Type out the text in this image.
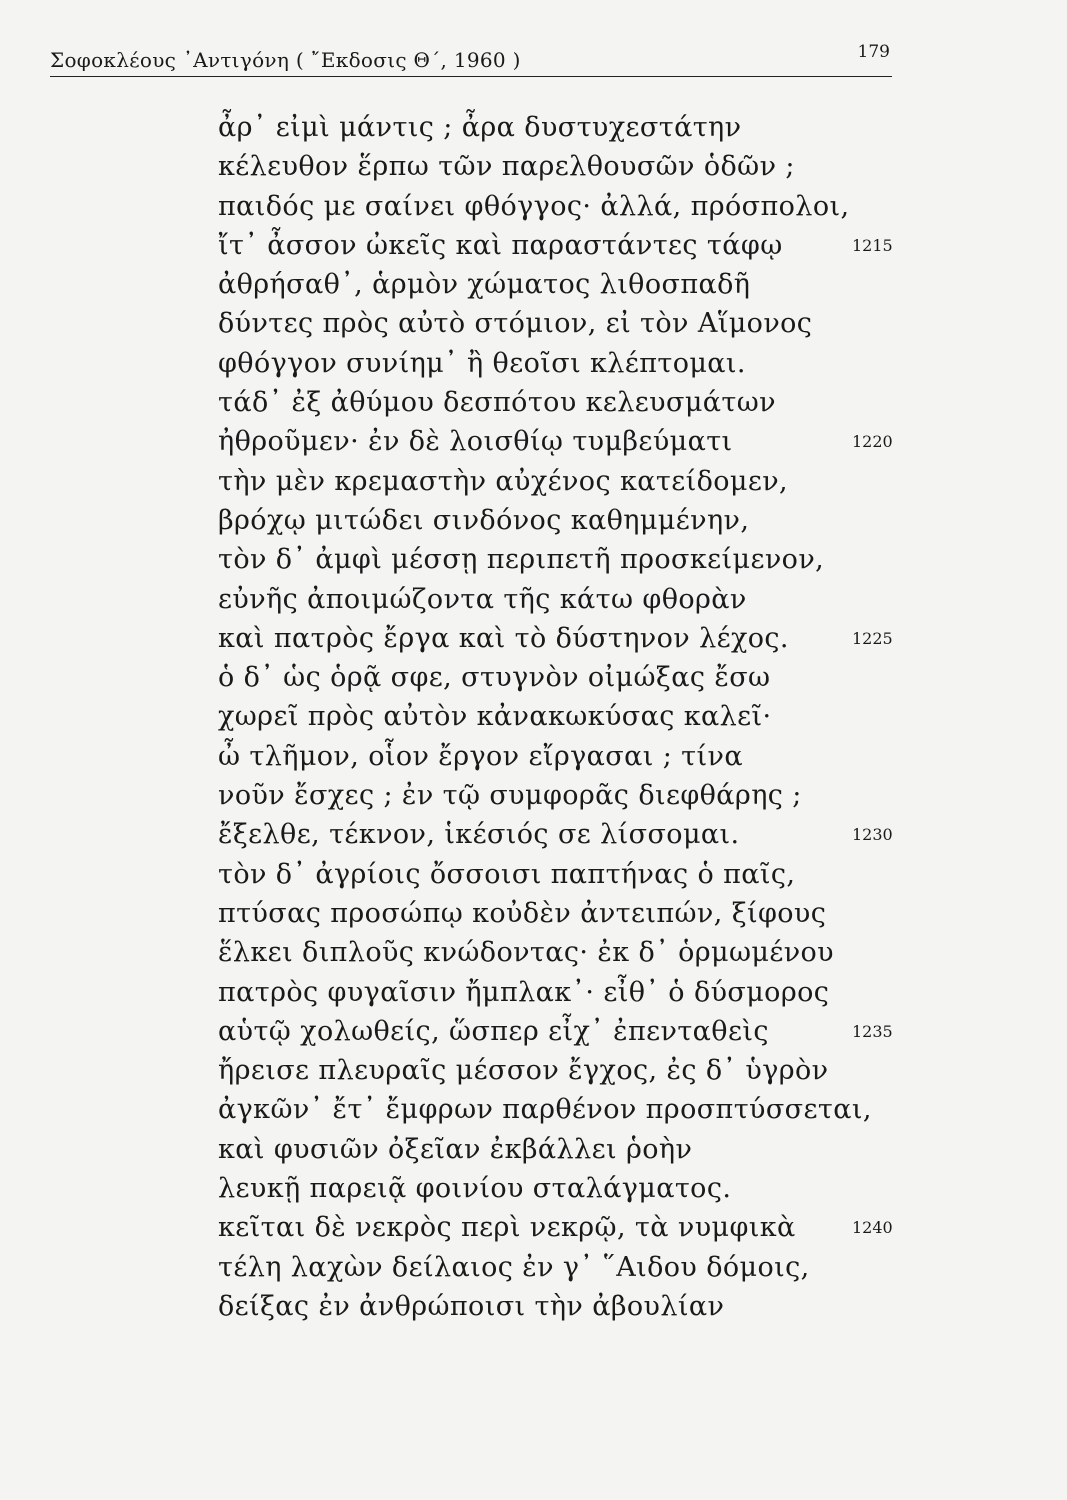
Σοφοκλέους ᾿Αντιγόνη ( ῎Εκδοσις Θ΄, 1960 )	179
ἆρ᾿ εἰμὶ μάντις ; ἆρα δυστυχεστάτην
κέλευθον ἕρπω τῶν παρελθουσῶν ὁδῶν ;
παιδός με σαίνει φθόγγος· ἀλλά, πρόσπολοι,
ἴτ᾿ ἆσσον ὠκεῖς καὶ παραστάντες τάφῳ	1215
ἀθρήσαθ᾿, ἁρμὸν χώματος λιθοσπαδῆ
δύντες πρὸς αὐτὸ στόμιον, εἰ τὸν Αἵμονος
φθόγγον συνίημ᾿ ἢ θεοῖσι κλέπτομαι.
τάδ᾿ ἐξ ἀθύμου δεσπότου κελευσμάτων
ἠθροῦμεν· ἐν δὲ λοισθίῳ τυμβεύματι	1220
τὴν μὲν κρεμαστὴν αὐχένος κατείδομεν,
βρόχῳ μιτώδει σινδόνος καθημμένην,
τὸν δ᾿ ἀμφὶ μέσσῃ περιπετῆ προσκείμενον,
εὐνῆς ἀποιμώζοντα τῆς κάτω φθορὰν
καὶ πατρὸς ἔργα καὶ τὸ δύστηνον λέχος.	1225
ὁ δ᾿ ὡς ὁρᾷ σφε, στυγνὸν οἰμώξας ἔσω
χωρεῖ πρὸς αὐτὸν κἀνακωκύσας καλεῖ·
ὦ τλῆμον, οἷον ἔργον εἴργασαι ; τίνα
νοῦν ἔσχες ; ἐν τῷ συμφορᾶς διεφθάρης ;
ἔξελθε, τέκνον, ἱκέσιός σε λίσσομαι.	1230
τὸν δ᾿ ἀγρίοις ὄσσοισι παπτήνας ὁ παῖς,
πτύσας προσώπῳ κοὐδὲν ἀντειπών, ξίφους
ἕλκει διπλοῦς κνώδοντας· ἐκ δ᾿ ὁρμωμένου
πατρὸς φυγαῖσιν ἤμπλακ᾿· εἶθ᾿ ὁ δύσμορος
αὑτῷ χολωθείς, ὥσπερ εἶχ᾿ ἐπενταθεὶς	1235
ἤρεισε πλευραῖς μέσσον ἔγχος, ἐς δ᾿ ὑγρὸν
ἀγκῶν᾿ ἔτ᾿ ἔμφρων παρθένον προσπτύσσεται,
καὶ φυσιῶν ὀξεῖαν ἐκβάλλει ῥοὴν
λευκῇ παρειᾷ φοινίου σταλάγματος.
κεῖται δὲ νεκρὸς περὶ νεκρῷ, τὰ νυμφικὰ	1240
τέλη λαχὼν δείλαιος ἐν γ᾿ ῞Αιδου δόμοις,
δείξας ἐν ἀνθρώποισι τὴν ἀβουλίαν
